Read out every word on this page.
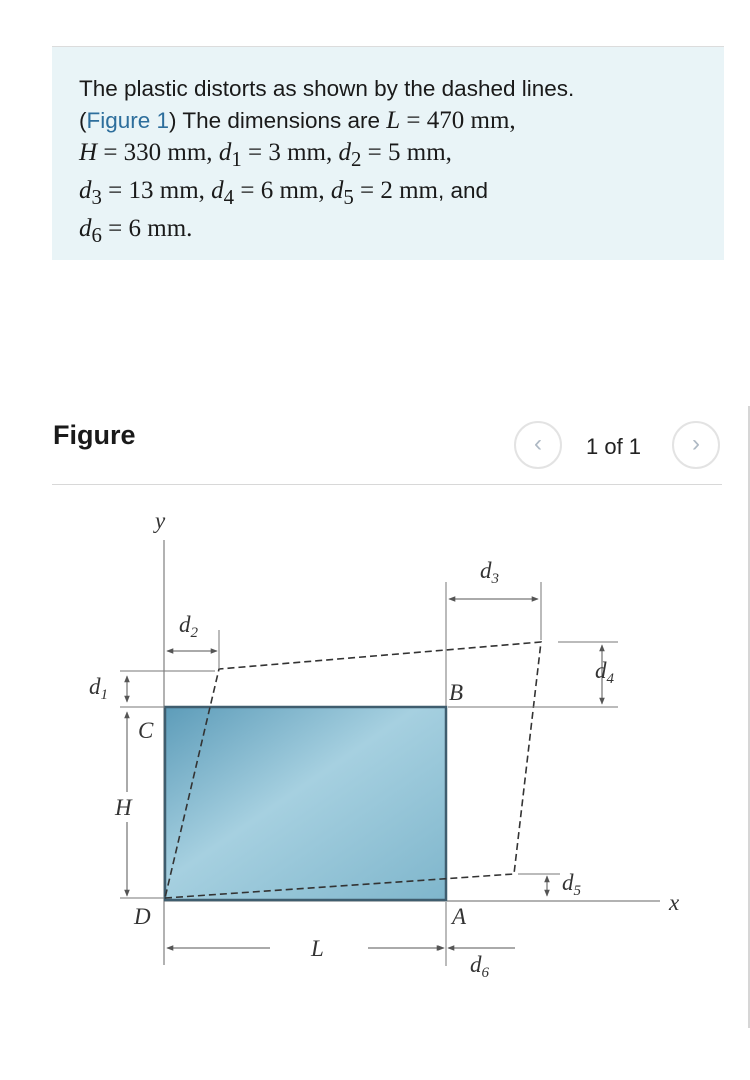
The plastic distorts as shown by the dashed lines.
(Figure 1) The dimensions are L = 470 mm,
H = 330 mm, $d_1 = 3$ mm, $d_2 = 5$ mm,
$d_3 = 13$ mm, $d_4 = 6$ mm, $d_5 = 2$ mm, and
$d_6 = 6$ mm.
Figure	‹	1 of 1	›
y
x
B
C
D	A
H
L
$d_1$
$d_2$
$d_3$
$d_4$
$d_5$
$d_6$
